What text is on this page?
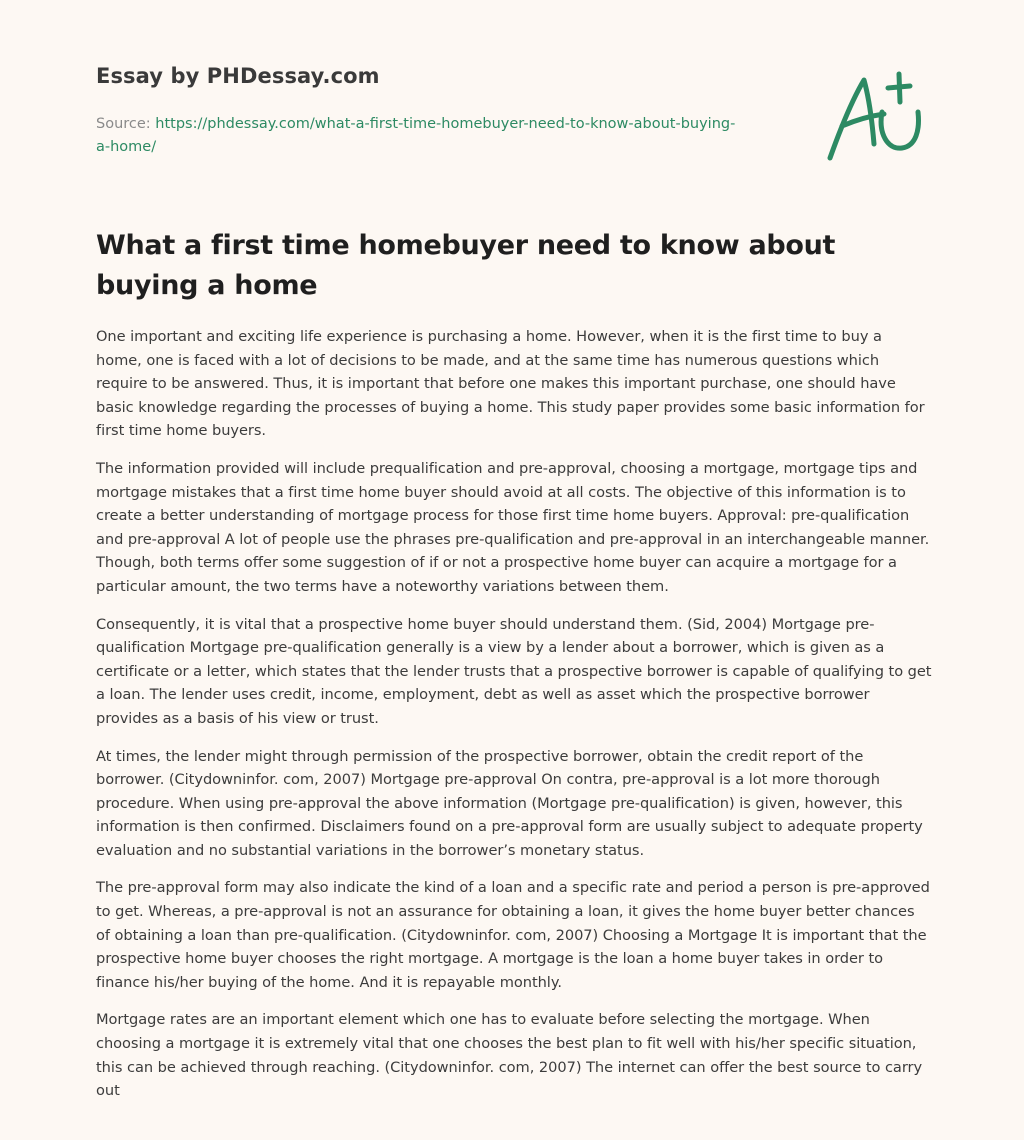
Essay by PHDessay.com
Source: https://phdessay.com/what-a-first-time-homebuyer-need-to-know-about-buying-a-home/
What a first time homebuyer need to know about buying a home

One important and exciting life experience is purchasing a home. However, when it is the first time to buy a home, one is faced with a lot of decisions to be made, and at the same time has numerous questions which require to be answered. Thus, it is important that before one makes this important purchase, one should have basic knowledge regarding the processes of buying a home. This study paper provides some basic information for first time home buyers.

The information provided will include prequalification and pre-approval, choosing a mortgage, mortgage tips and mortgage mistakes that a first time home buyer should avoid at all costs. The objective of this information is to create a better understanding of mortgage process for those first time home buyers. Approval: pre-qualification and pre-approval A lot of people use the phrases pre-qualification and pre-approval in an interchangeable manner. Though, both terms offer some suggestion of if or not a prospective home buyer can acquire a mortgage for a particular amount, the two terms have a noteworthy variations between them.

Consequently, it is vital that a prospective home buyer should understand them. (Sid, 2004) Mortgage pre-qualification Mortgage pre-qualification generally is a view by a lender about a borrower, which is given as a certificate or a letter, which states that the lender trusts that a prospective borrower is capable of qualifying to get a loan. The lender uses credit, income, employment, debt as well as asset which the prospective borrower provides as a basis of his view or trust.

At times, the lender might through permission of the prospective borrower, obtain the credit report of the borrower. (Citydowninfor. com, 2007) Mortgage pre-approval On contra, pre-approval is a lot more thorough procedure. When using pre-approval the above information (Mortgage pre-qualification) is given, however, this information is then confirmed. Disclaimers found on a pre-approval form are usually subject to adequate property evaluation and no substantial variations in the borrower’s monetary status.

The pre-approval form may also indicate the kind of a loan and a specific rate and period a person is pre-approved to get. Whereas, a pre-approval is not an assurance for obtaining a loan, it gives the home buyer better chances of obtaining a loan than pre-qualification. (Citydowninfor. com, 2007) Choosing a Mortgage It is important that the prospective home buyer chooses the right mortgage. A mortgage is the loan a home buyer takes in order to finance his/her buying of the home. And it is repayable monthly.

Mortgage rates are an important element which one has to evaluate before selecting the mortgage. When choosing a mortgage it is extremely vital that one chooses the best plan to fit well with his/her specific situation, this can be achieved through reaching. (Citydowninfor. com, 2007) The internet can offer the best source to carry out
